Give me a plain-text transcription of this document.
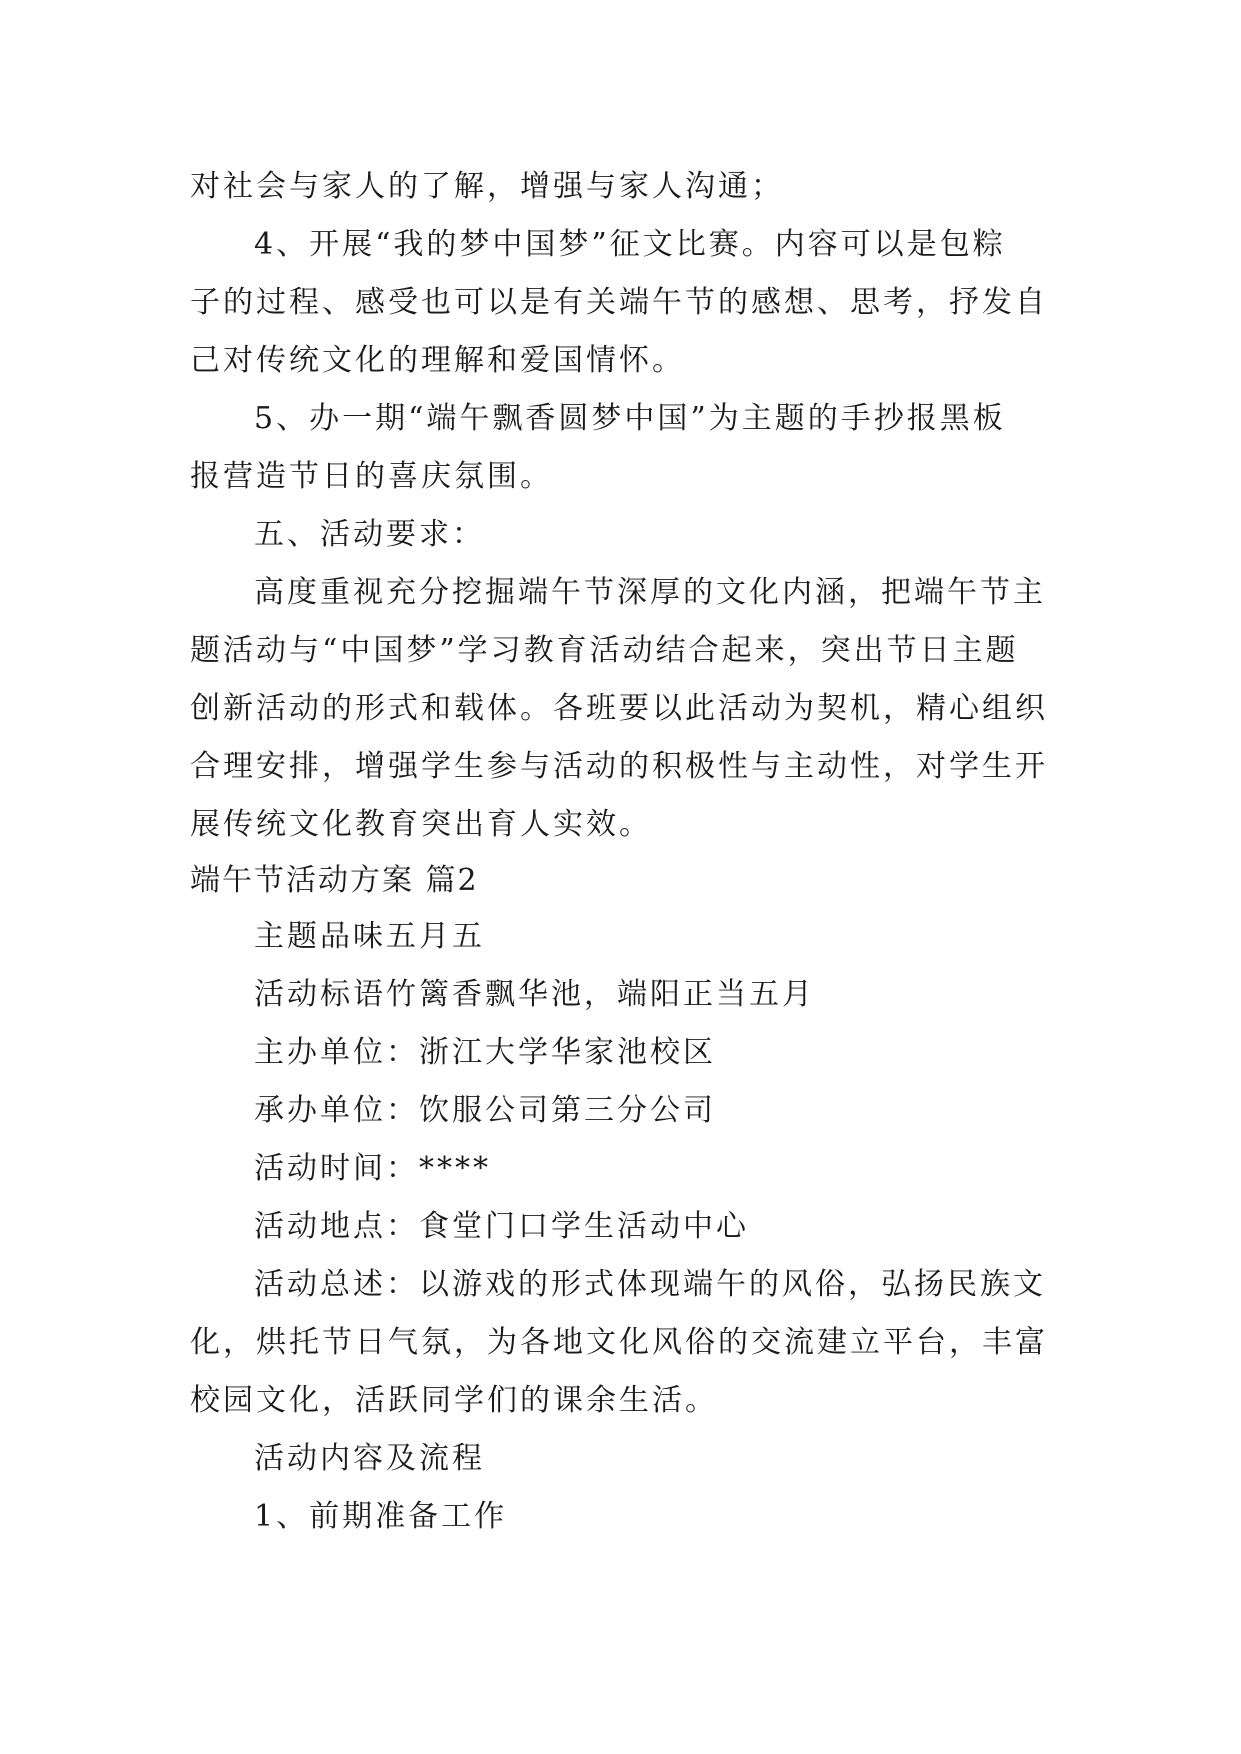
对社会与家人的了解，增强与家人沟通；
4、开展“我的梦中国梦”征文比赛。内容可以是包粽
子的过程、感受也可以是有关端午节的感想、思考，抒发自
己对传统文化的理解和爱国情怀。
5、办一期“端午飘香圆梦中国”为主题的手抄报黑板
报营造节日的喜庆氛围。
五、活动要求：
高度重视充分挖掘端午节深厚的文化内涵，把端午节主
题活动与“中国梦”学习教育活动结合起来，突出节日主题
创新活动的形式和载体。各班要以此活动为契机，精心组织
合理安排，增强学生参与活动的积极性与主动性，对学生开
展传统文化教育突出育人实效。
端午节活动方案 篇2
主题品味五月五
活动标语竹篱香飘华池，端阳正当五月
主办单位：浙江大学华家池校区
承办单位：饮服公司第三分公司
活动时间：****
活动地点：食堂门口学生活动中心
活动总述：以游戏的形式体现端午的风俗，弘扬民族文
化，烘托节日气氛，为各地文化风俗的交流建立平台，丰富
校园文化，活跃同学们的课余生活。
活动内容及流程
1、前期准备工作
